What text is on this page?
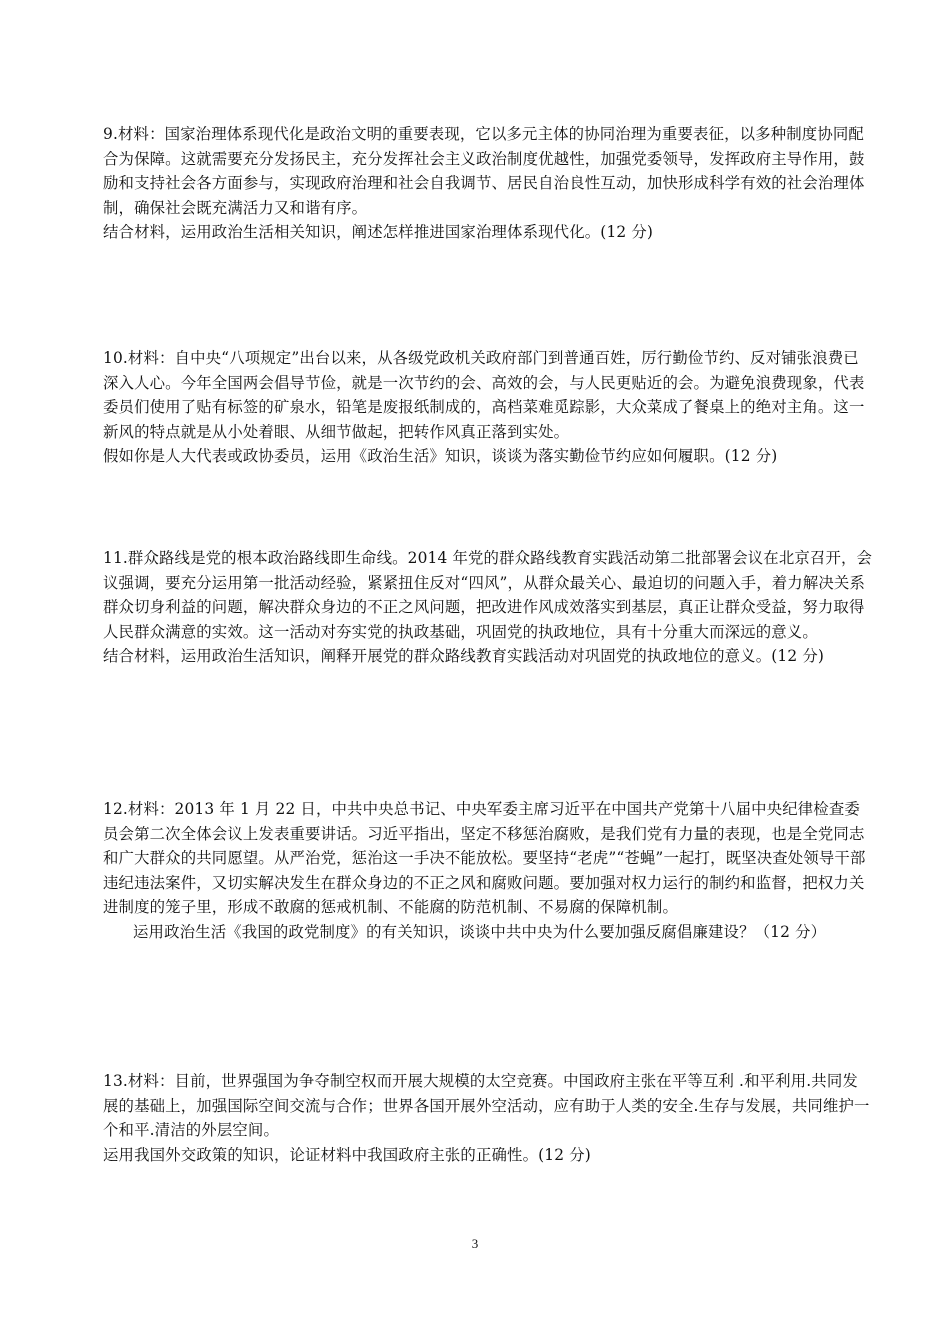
9.材料：国家治理体系现代化是政治文明的重要表现，它以多元主体的协同治理为重要表征，以多种制度协同配合为保障。这就需要充分发扬民主，充分发挥社会主义政治制度优越性，加强党委领导，发挥政府主导作用，鼓励和支持社会各方面参与，实现政府治理和社会自我调节、居民自治良性互动，加快形成科学有效的社会治理体制，确保社会既充满活力又和谐有序。

结合材料，运用政治生活相关知识，阐述怎样推进国家治理体系现代化。(12 分)

10.材料：自中央“八项规定”出台以来，从各级党政机关政府部门到普通百姓，厉行勤俭节约、反对铺张浪费已深入人心。今年全国两会倡导节俭，就是一次节约的会、高效的会，与人民更贴近的会。为避免浪费现象，代表委员们使用了贴有标签的矿泉水，铅笔是废报纸制成的，高档菜难觅踪影，大众菜成了餐桌上的绝对主角。这一新风的特点就是从小处着眼、从细节做起，把转作风真正落到实处。

假如你是人大代表或政协委员，运用《政治生活》知识，谈谈为落实勤俭节约应如何履职。(12 分)

11.群众路线是党的根本政治路线即生命线。2014 年党的群众路线教育实践活动第二批部署会议在北京召开，会议强调，要充分运用第一批活动经验，紧紧扭住反对“四风”，从群众最关心、最迫切的问题入手，着力解决关系群众切身利益的问题，解决群众身边的不正之风问题，把改进作风成效落实到基层，真正让群众受益，努力取得人民群众满意的实效。这一活动对夯实党的执政基础，巩固党的执政地位，具有十分重大而深远的意义。

结合材料，运用政治生活知识，阐释开展党的群众路线教育实践活动对巩固党的执政地位的意义。(12 分)

12.材料：2013 年 1 月 22 日，中共中央总书记、中央军委主席习近平在中国共产党第十八届中央纪律检查委员会第二次全体会议上发表重要讲话。习近平指出，坚定不移惩治腐败，是我们党有力量的表现，也是全党同志和广大群众的共同愿望。从严治党，惩治这一手决不能放松。要坚持“老虎”“苍蝇”一起打，既坚决查处领导干部违纪违法案件，又切实解决发生在群众身边的不正之风和腐败问题。要加强对权力运行的制约和监督，把权力关进制度的笼子里，形成不敢腐的惩戒机制、不能腐的防范机制、不易腐的保障机制。

运用政治生活《我国的政党制度》的有关知识，谈谈中共中央为什么要加强反腐倡廉建设？（12 分）

13.材料：目前，世界强国为争夺制空权而开展大规模的太空竞赛。中国政府主张在平等互利 .和平利用.共同发展的基础上，加强国际空间交流与合作；世界各国开展外空活动，应有助于人类的安全.生存与发展，共同维护一个和平.清洁的外层空间。

运用我国外交政策的知识，论证材料中我国政府主张的正确性。(12 分)

3
